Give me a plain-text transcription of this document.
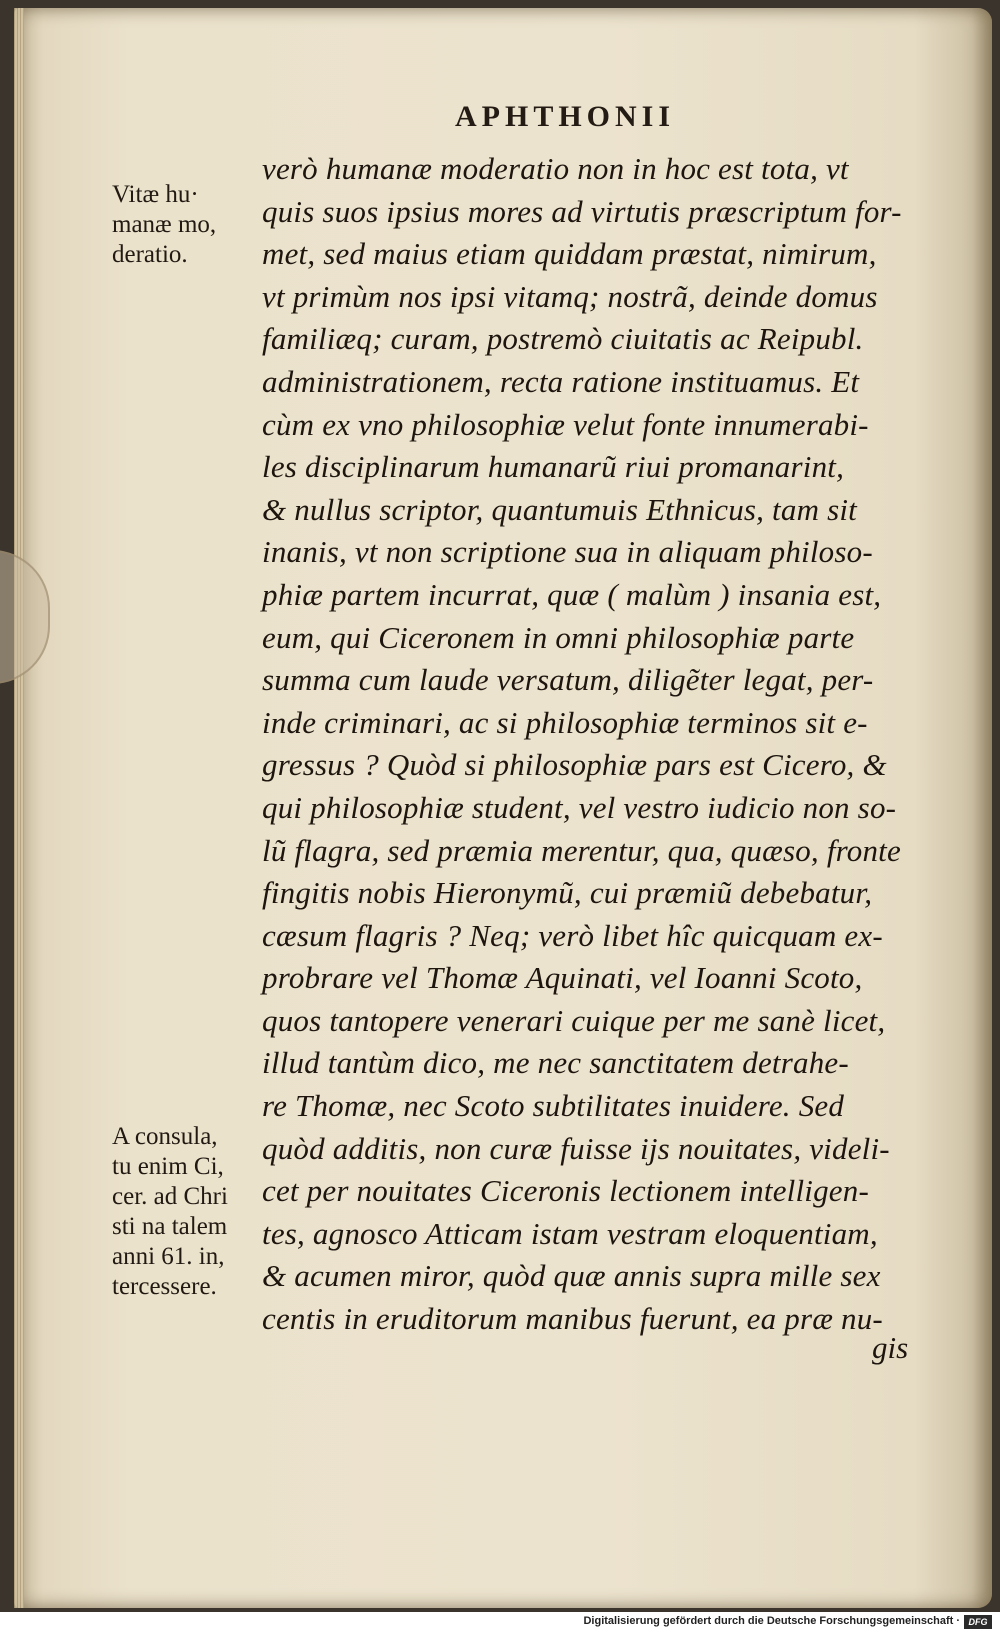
APHTHONII
Vitæ hu·
manæ mo,
deratio.
A consula,
tu enim Ci,
cer. ad Chri
sti na talem
anni 61. in,
tercessere.
verò humanæ moderatio non in hoc est tota, vt
quis suos ipsius mores ad virtutis præscriptum for-
met, sed maius etiam quiddam præstat, nimirum,
vt primùm nos ipsi vitamq; nostrã, deinde domus
familiæq; curam, postremò ciuitatis ac Reipubl.
administrationem, recta ratione instituamus. Et
cùm ex vno philosophiæ velut fonte innumerabi-
les disciplinarum humanarũ riui promanarint,
& nullus scriptor, quantumuis Ethnicus, tam sit
inanis, vt non scriptione sua in aliquam philoso-
phiæ partem incurrat, quæ ( malùm ) insania est,
eum, qui Ciceronem in omni philosophiæ parte
summa cum laude versatum, diligẽter legat, per-
inde criminari, ac si philosophiæ terminos sit e-
gressus ? Quòd si philosophiæ pars est Cicero, &
qui philosophiæ student, vel vestro iudicio non so-
lũ flagra, sed præmia merentur, qua, quæso, fronte
fingitis nobis Hieronymũ, cui præmiũ debebatur,
cæsum flagris ? Neq; verò libet hîc quicquam ex-
probrare vel Thomæ Aquinati, vel Ioanni Scoto,
quos tantopere venerari cuique per me sanè licet,
illud tantùm dico, me nec sanctitatem detrahe-
re Thomæ, nec Scoto subtilitates inuidere. Sed
quòd additis, non curæ fuisse ijs nouitates, videli-
cet per nouitates Ciceronis lectionem intelligen-
tes, agnosco Atticam istam vestram eloquentiam,
& acumen miror, quòd quæ annis supra mille sex
centis in eruditorum manibus fuerunt, ea præ nu-
gis
Digitalisierung gefördert durch die Deutsche Forschungsgemeinschaft · DFG
